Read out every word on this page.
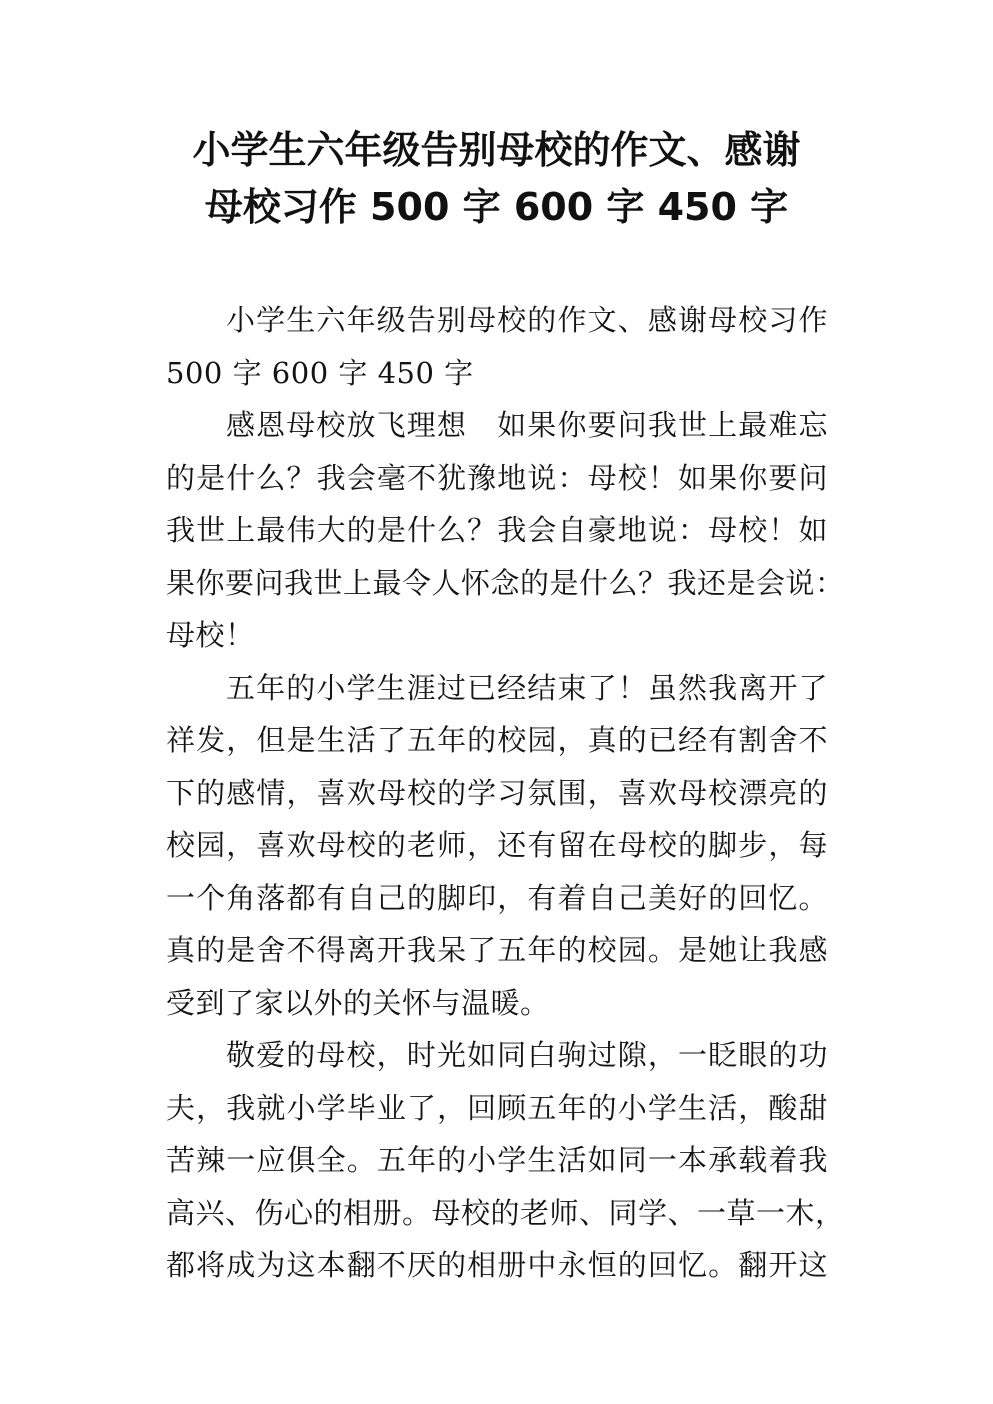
小学生六年级告别母校的作文、感谢
母校习作 500 字 600 字 450 字
小学生六年级告别母校的作文、感谢母校习作
500 字 600 字 450 字
感恩母校放飞理想　如果你要问我世上最难忘
的是什么？我会毫不犹豫地说：母校！如果你要问
我世上最伟大的是什么？我会自豪地说：母校！如
果你要问我世上最令人怀念的是什么？我还是会说：
母校！
五年的小学生涯过已经结束了！虽然我离开了
祥发，但是生活了五年的校园，真的已经有割舍不
下的感情，喜欢母校的学习氛围，喜欢母校漂亮的
校园，喜欢母校的老师，还有留在母校的脚步，每
一个角落都有自己的脚印，有着自己美好的回忆。
真的是舍不得离开我呆了五年的校园。是她让我感
受到了家以外的关怀与温暖。
敬爱的母校，时光如同白驹过隙，一眨眼的功
夫，我就小学毕业了，回顾五年的小学生活，酸甜
苦辣一应俱全。五年的小学生活如同一本承载着我
高兴、伤心的相册。母校的老师、同学、一草一木，
都将成为这本翻不厌的相册中永恒的回忆。翻开这
